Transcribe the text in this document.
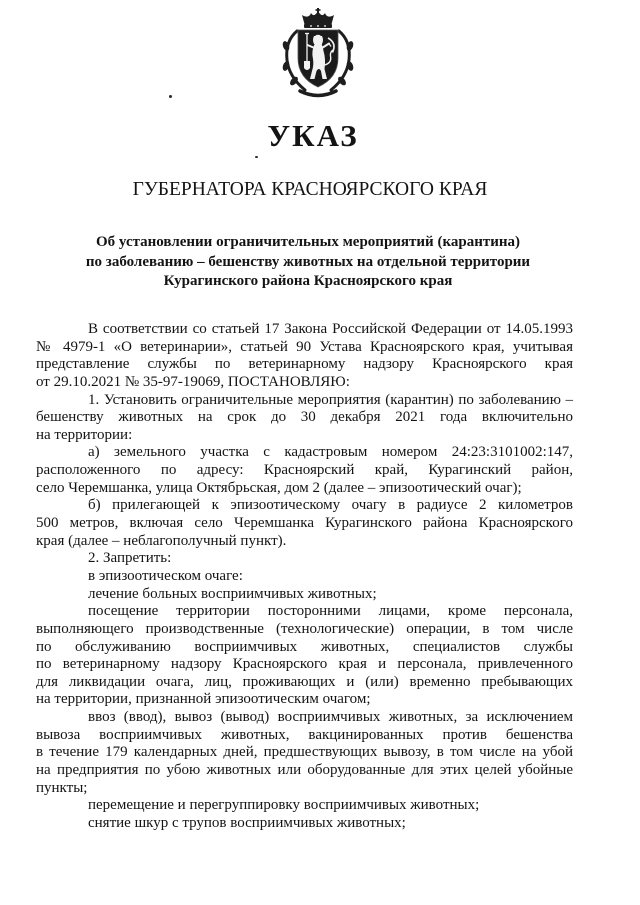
УКАЗ
ГУБЕРНАТОРА КРАСНОЯРСКОГО КРАЯ
Об установлении ограничительных мероприятий (карантина)
по заболеванию – бешенству животных на отдельной территории
Курагинского района Красноярского края
В соответствии со статьей 17 Закона Российской Федерации от 14.05.1993
№ 4979-1 «О ветеринарии», статьей 90 Устава Красноярского края, учитывая
представление службы по ветеринарному надзору Красноярского края
от 29.10.2021 № 35-97-19069, ПОСТАНОВЛЯЮ:
1. Установить ограничительные мероприятия (карантин) по заболеванию –
бешенству животных на срок до 30 декабря 2021 года включительно
на территории:
а) земельного участка с кадастровым номером 24:23:3101002:147,
расположенного по адресу: Красноярский край, Курагинский район,
село Черемшанка, улица Октябрьская, дом 2 (далее – эпизоотический очаг);
б) прилегающей к эпизоотическому очагу в радиусе 2 километров
500 метров, включая село Черемшанка Курагинского района Красноярского
края (далее – неблагополучный пункт).
2. Запретить:
в эпизоотическом очаге:
лечение больных восприимчивых животных;
посещение территории посторонними лицами, кроме персонала,
выполняющего производственные (технологические) операции, в том числе
по обслуживанию восприимчивых животных, специалистов службы
по ветеринарному надзору Красноярского края и персонала, привлеченного
для ликвидации очага, лиц, проживающих и (или) временно пребывающих
на территории, признанной эпизоотическим очагом;
ввоз (ввод), вывоз (вывод) восприимчивых животных, за исключением
вывоза восприимчивых животных, вакцинированных против бешенства
в течение 179 календарных дней, предшествующих вывозу, в том числе на убой
на предприятия по убою животных или оборудованные для этих целей убойные
пункты;
перемещение и перегруппировку восприимчивых животных;
снятие шкур с трупов восприимчивых животных;
